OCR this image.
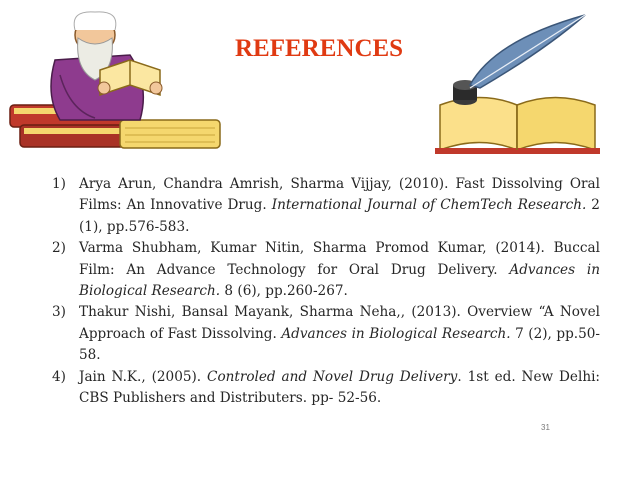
REFERENCES
1) Arya Arun, Chandra Amrish, Sharma Vijjay, (2010). Fast Dissolving Oral Films: An Innovative Drug. International Journal of ChemTech Research. 2 (1), pp.576-583.
2) Varma Shubham, Kumar Nitin, Sharma Promod Kumar, (2014). Buccal Film: An Advance Technology for Oral Drug Delivery. Advances in Biological Research. 8 (6), pp.260-267.
3) Thakur Nishi, Bansal Mayank, Sharma Neha,, (2013). Overview “A Novel Approach of Fast Dissolving. Advances in Biological Research. 7 (2), pp.50-58.
4) Jain N.K., (2005). Controled and Novel Drug Delivery. 1st ed. New Delhi: CBS Publishers and Distributers. pp- 52-56.
31
